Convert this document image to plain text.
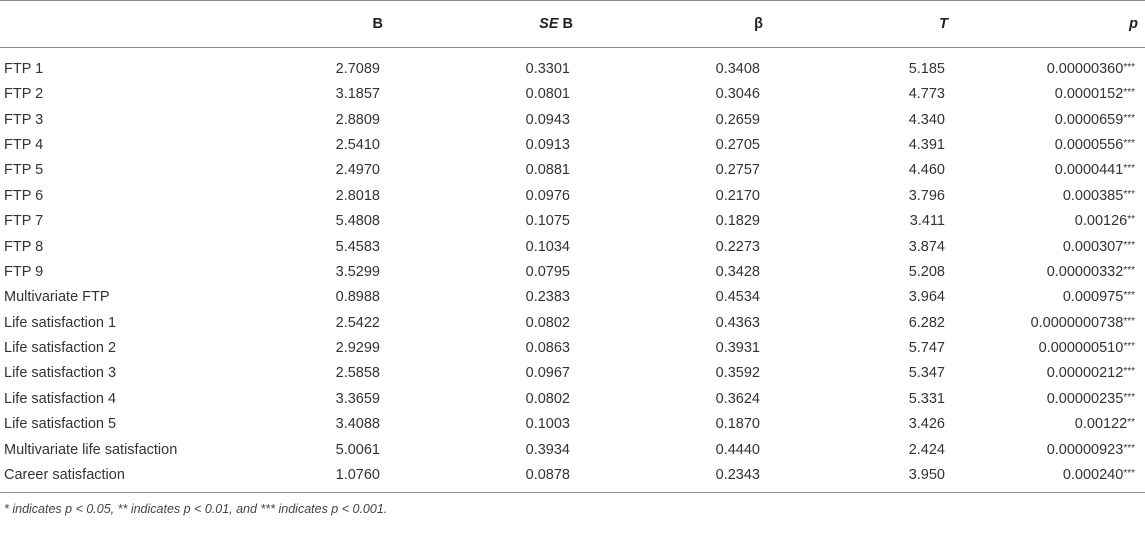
	B	SE B	β	T	p
FTP 1	2.7089	0.3301	0.3408	5.185	0.00000360***
FTP 2	3.1857	0.0801	0.3046	4.773	0.0000152***
FTP 3	2.8809	0.0943	0.2659	4.340	0.0000659***
FTP 4	2.5410	0.0913	0.2705	4.391	0.0000556***
FTP 5	2.4970	0.0881	0.2757	4.460	0.0000441***
FTP 6	2.8018	0.0976	0.2170	3.796	0.000385***
FTP 7	5.4808	0.1075	0.1829	3.411	0.00126**
FTP 8	5.4583	0.1034	0.2273	3.874	0.000307***
FTP 9	3.5299	0.0795	0.3428	5.208	0.00000332***
Multivariate FTP	0.8988	0.2383	0.4534	3.964	0.000975***
Life satisfaction 1	2.5422	0.0802	0.4363	6.282	0.0000000738***
Life satisfaction 2	2.9299	0.0863	0.3931	5.747	0.000000510***
Life satisfaction 3	2.5858	0.0967	0.3592	5.347	0.00000212***
Life satisfaction 4	3.3659	0.0802	0.3624	5.331	0.00000235***
Life satisfaction 5	3.4088	0.1003	0.1870	3.426	0.00122**
Multivariate life satisfaction	5.0061	0.3934	0.4440	2.424	0.00000923***
Career satisfaction	1.0760	0.0878	0.2343	3.950	0.000240***
* indicates p < 0.05, ** indicates p < 0.01, and *** indicates p < 0.001.
